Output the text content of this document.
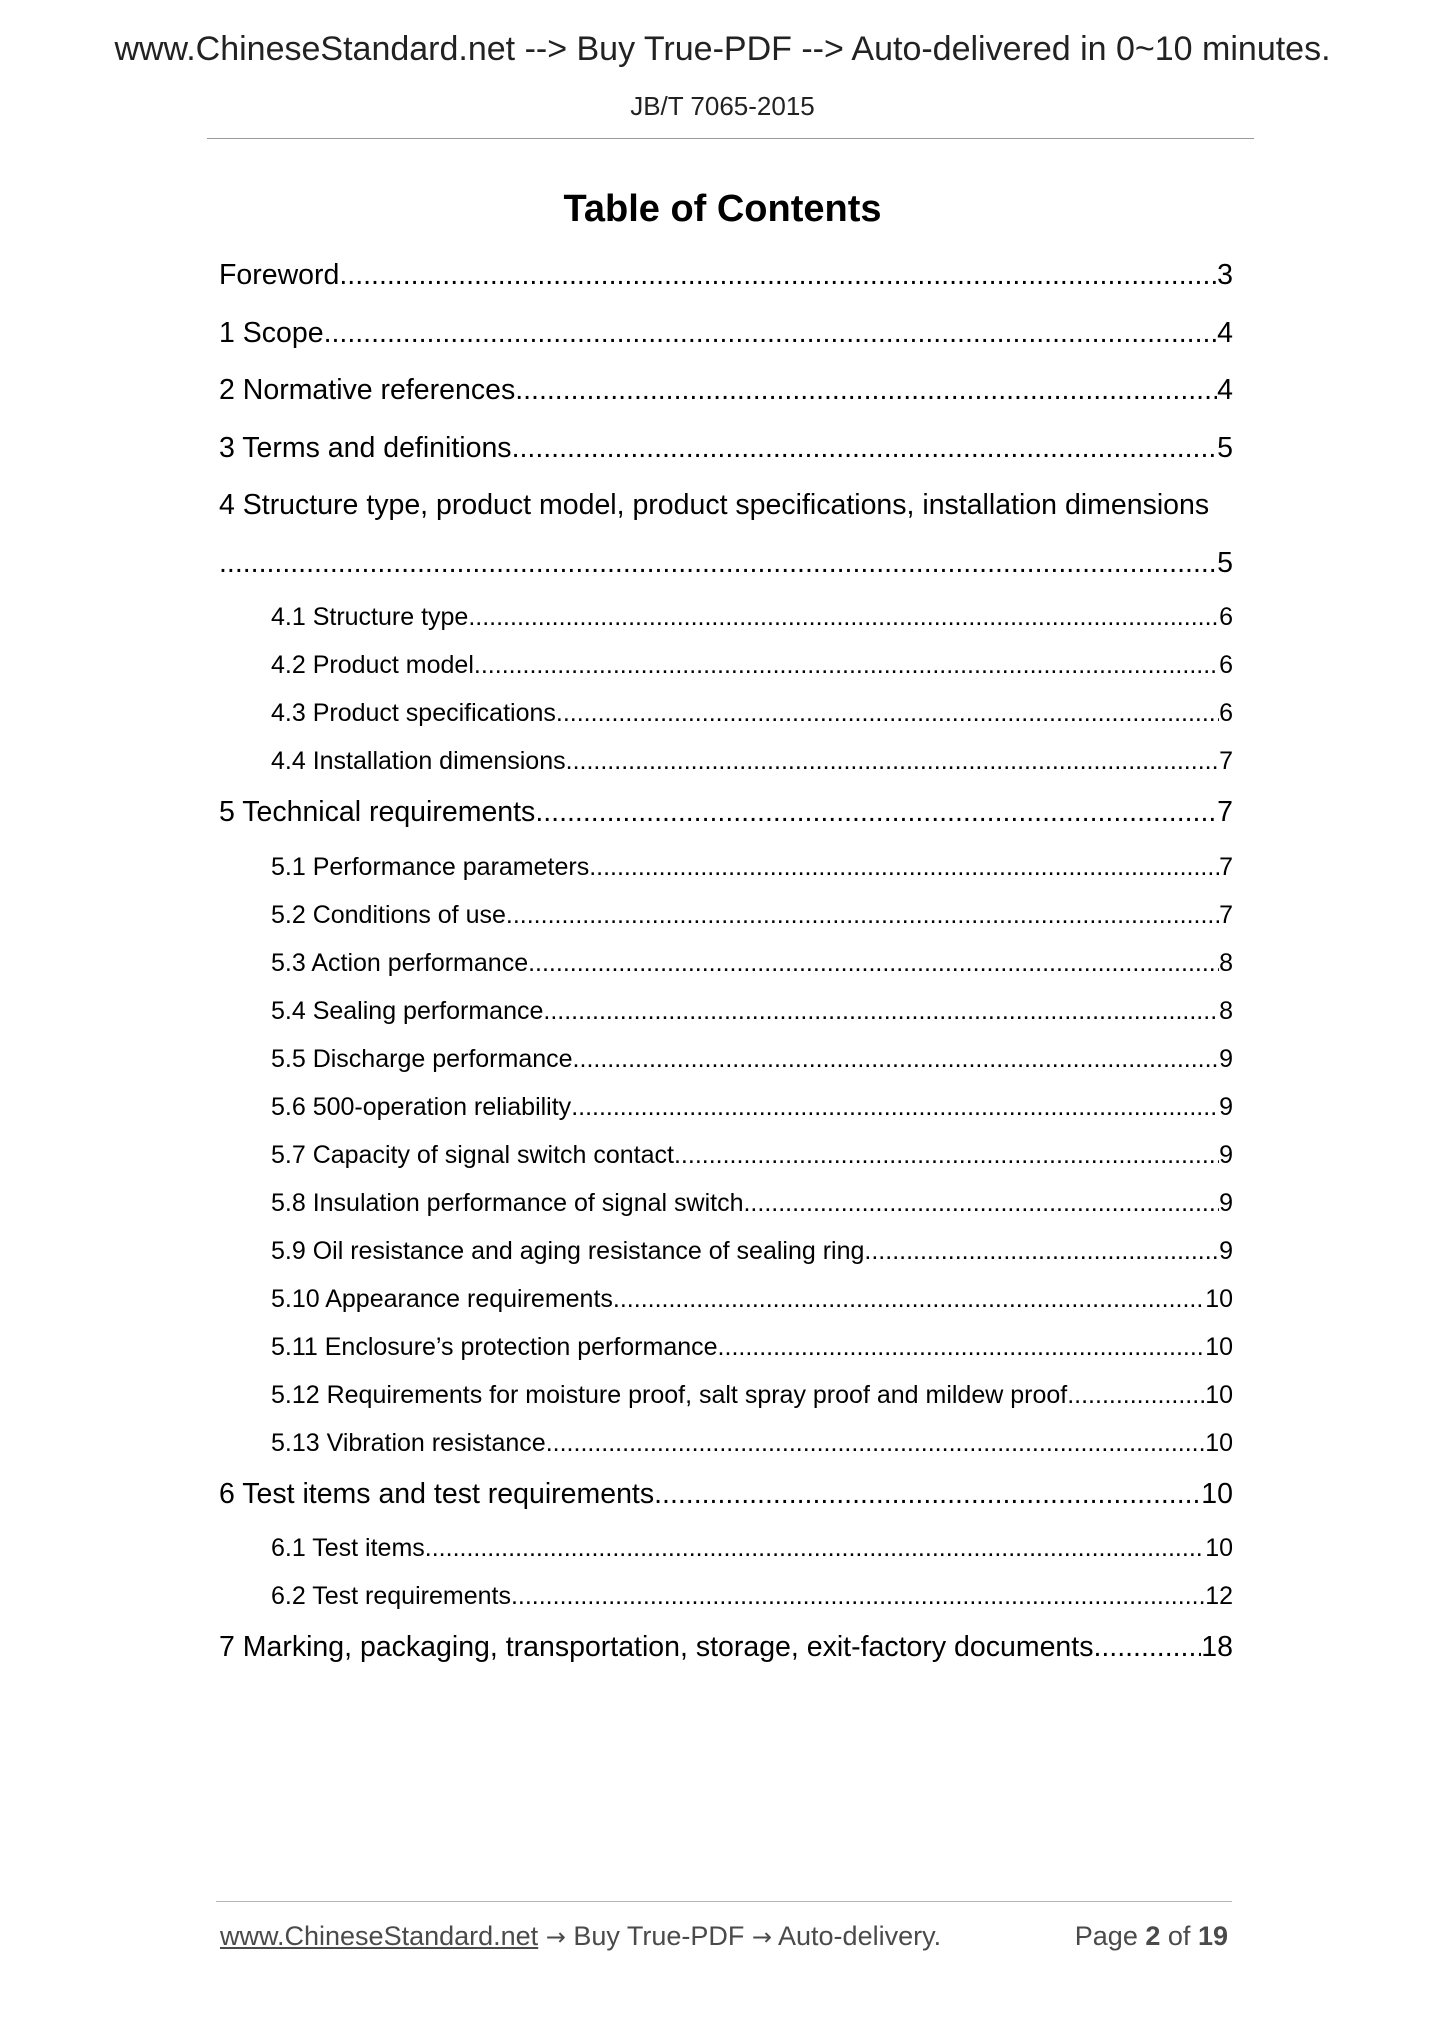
www.ChineseStandard.net --> Buy True-PDF --> Auto-delivered in 0~10 minutes.
JB/T 7065-2015
Table of Contents
Foreword .....	3
1 Scope .....	4
2 Normative references .....	4
3 Terms and definitions .....	5
4 Structure type, product model, product specifications, installation dimensions
.....
5
4.1 Structure type .....	6
4.2 Product model .....	6
4.3 Product specifications .....	6
4.4 Installation dimensions .....	7
5 Technical requirements .....	7
5.1 Performance parameters .....	7
5.2 Conditions of use .....	7
5.3 Action performance .....	8
5.4 Sealing performance .....	8
5.5 Discharge performance .....	9
5.6 500-operation reliability .....	9
5.7 Capacity of signal switch contact .....	9
5.8 Insulation performance of signal switch .....	9
5.9 Oil resistance and aging resistance of sealing ring .....	9
5.10 Appearance requirements .....	10
5.11 Enclosure’s protection performance .....	10
5.12 Requirements for moisture proof, salt spray proof and mildew proof .....	10
5.13 Vibration resistance .....	10
6 Test items and test requirements .....	10
6.1 Test items .....	10
6.2 Test requirements .....	12
7 Marking, packaging, transportation, storage, exit-factory documents .....	18
www.ChineseStandard.net → Buy True-PDF → Auto-delivery.	Page 2 of 19
